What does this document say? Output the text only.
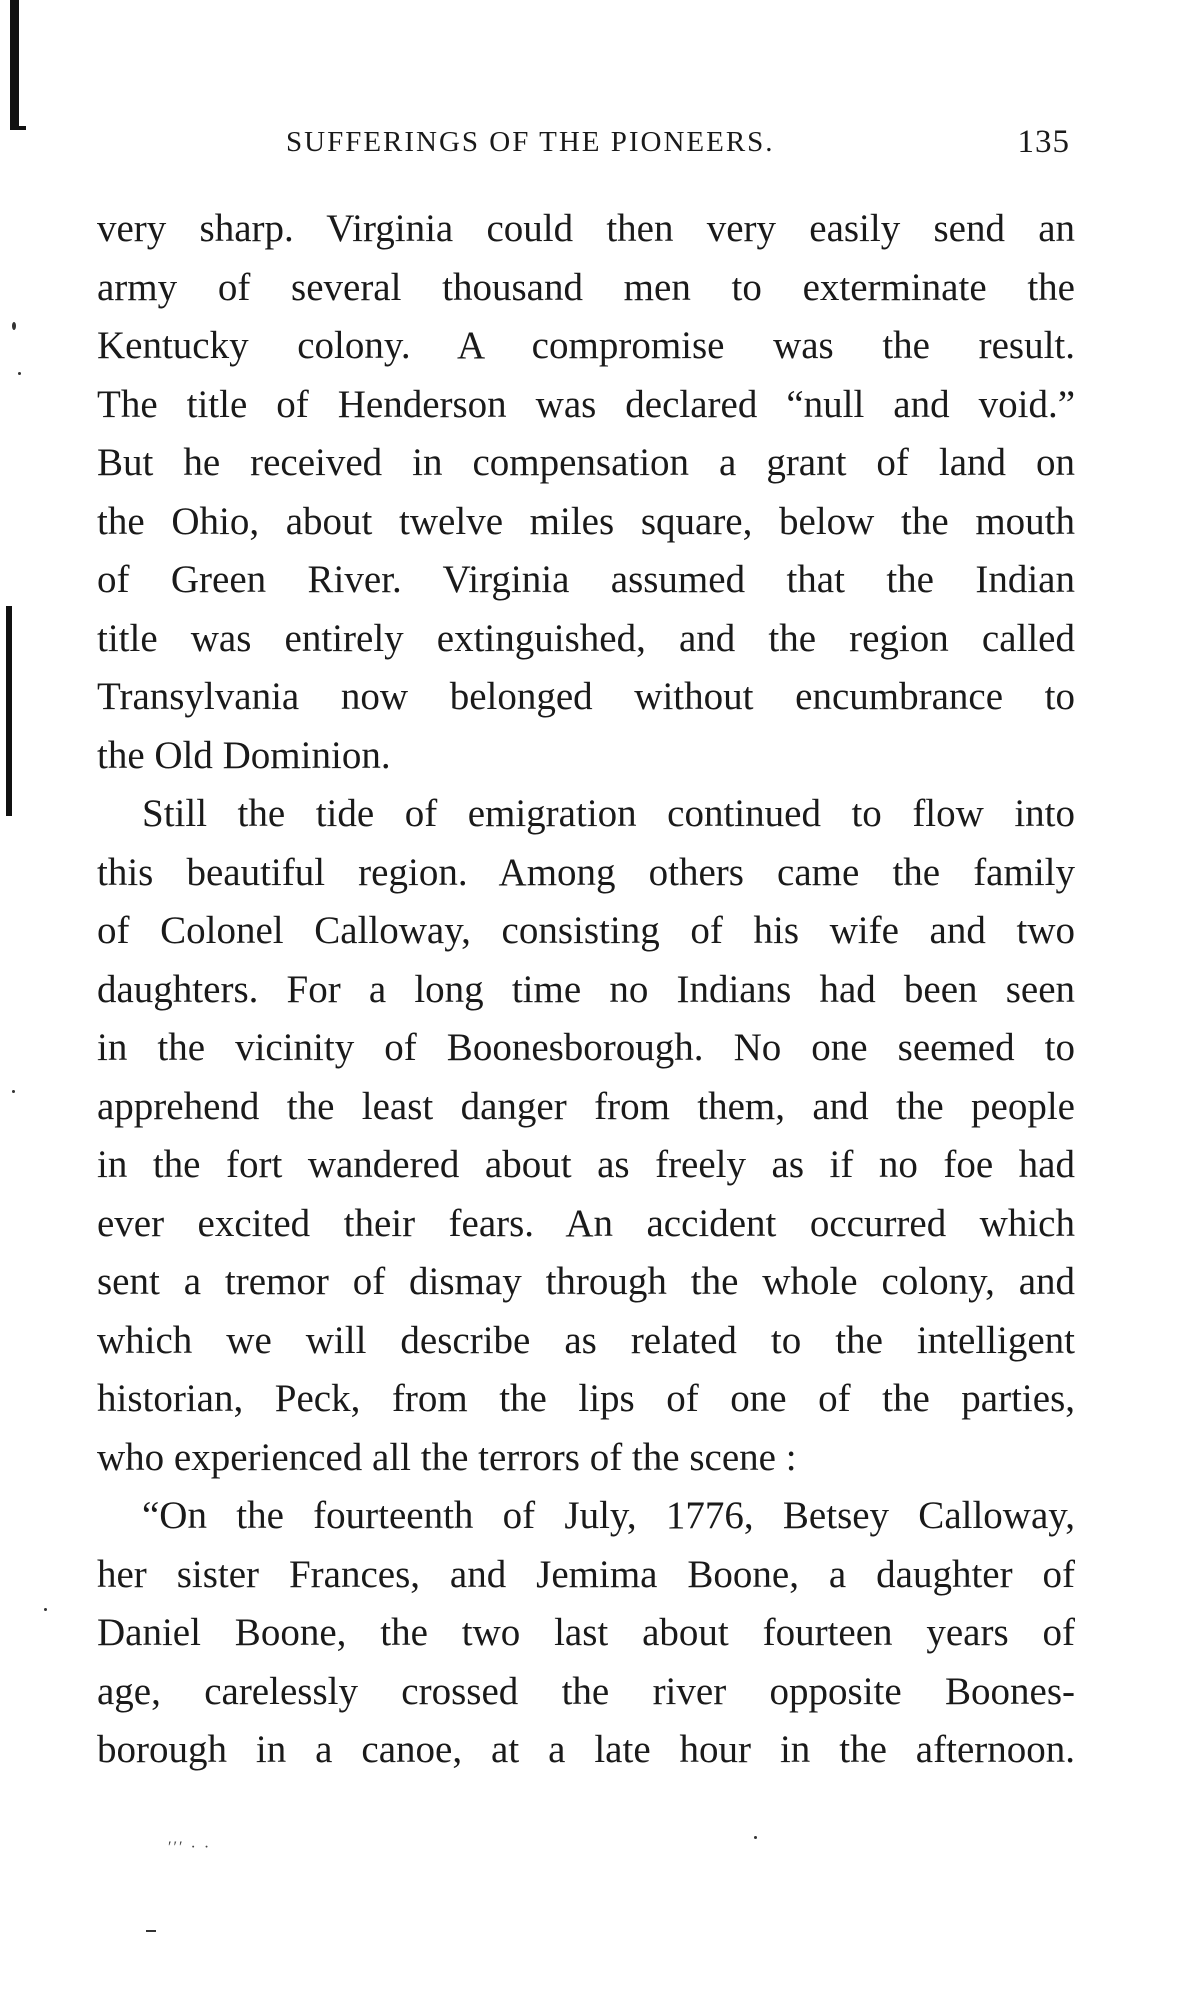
SUFFERINGS OF THE PIONEERS.	135
very sharp. Virginia could then very easily send an
army of several thousand men to exterminate the
Kentucky colony. A compromise was the result.
The title of Henderson was declared “null and void.”
But he received in compensation a grant of land on
the Ohio, about twelve miles square, below the mouth
of Green River. Virginia assumed that the Indian
title was entirely extinguished, and the region called
Transylvania now belonged without encumbrance to
the Old Dominion.
Still the tide of emigration continued to flow into
this beautiful region. Among others came the family
of Colonel Calloway, consisting of his wife and two
daughters. For a long time no Indians had been seen
in the vicinity of Boonesborough. No one seemed to
apprehend the least danger from them, and the people
in the fort wandered about as freely as if no foe had
ever excited their fears. An accident occurred which
sent a tremor of dismay through the whole colony, and
which we will describe as related to the intelligent
historian, Peck, from the lips of one of the parties,
who experienced all the terrors of the scene :
“On the fourteenth of July, 1776, Betsey Calloway,
her sister Frances, and Jemima Boone, a daughter of
Daniel Boone, the two last about fourteen years of
age, carelessly crossed the river opposite Boones-
borough in a canoe, at a late hour in the afternoon.
′′′ · ·
